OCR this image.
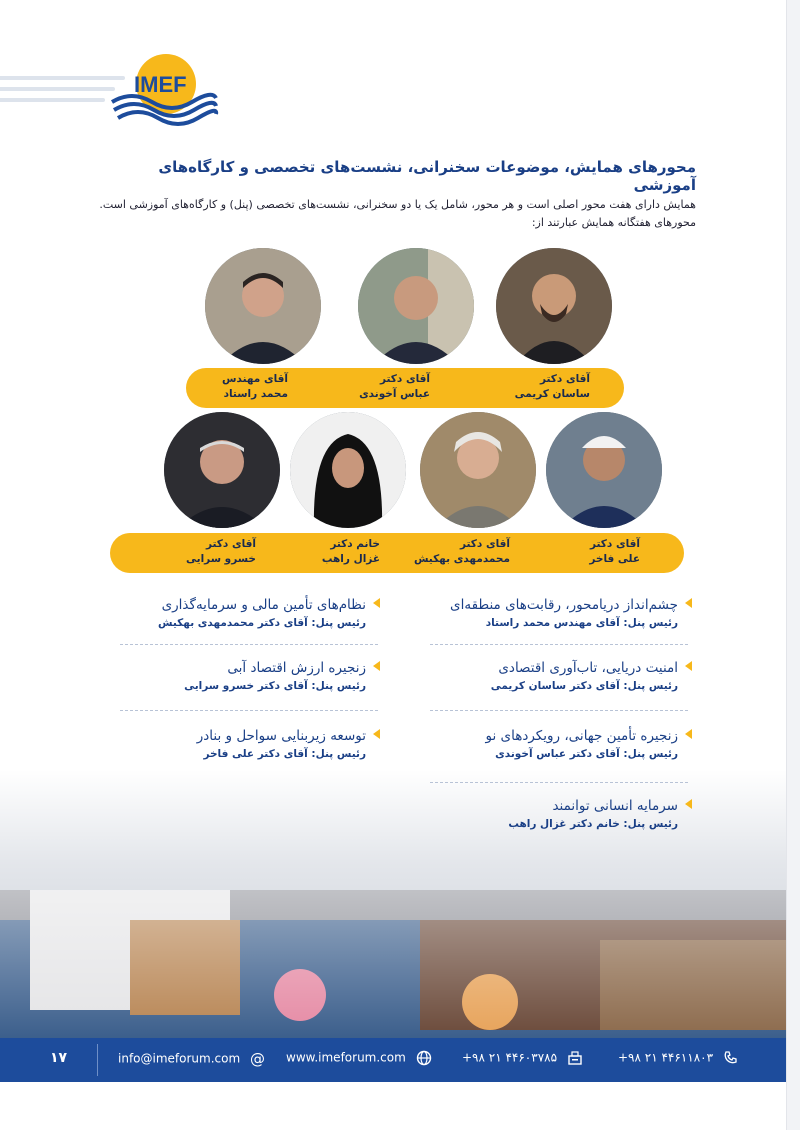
IMEF
محورهای همایش، موضوعات سخنرانی، نشست‌های تخصصی و کارگاه‌های آموزشی
همایش دارای هفت محور اصلی است و هر محور، شامل یک یا دو سخنرانی، نشست‌های تخصصی (پنل) و کارگاه‌های آموزشی است. محورهای هفتگانه همایش عبارتند از:
آقای دکتر
ساسان کریمی
آقای دکتر
عباس آخوندی
آقای مهندس
محمد راستاد
آقای دکتر
علی فاخر
آقای دکتر
محمدمهدی بهکیش
خانم دکتر
غزال راهب
آقای دکتر
خسرو سرایی
چشم‌انداز دریامحور، رقابت‌های منطقه‌ای
رئیس پنل: آقای مهندس محمد راستاد
امنیت دریایی، تاب‌آوری اقتصادی
رئیس پنل: آقای دکتر ساسان کریمی
زنجیره تأمین جهانی، رویکردهای نو
رئیس پنل: آقای دکتر عباس آخوندی
سرمایه انسانی توانمند
رئیس پنل: خانم دکتر غزال راهب
نظام‌های تأمین مالی و سرمایه‌گذاری
رئیس پنل: آقای دکتر محمدمهدی بهکیش
زنجیره ارزش اقتصاد آبی
رئیس پنل: آقای دکتر خسرو سرایی
توسعه زیربنایی سواحل و بنادر
رئیس پنل: آقای دکتر علی فاخر
۱۷	info@imeforum.com @ www.imeforum.com	+۹۸ ۲۱ ۴۴۶۰۳۷۸۵	+۹۸ ۲۱ ۴۴۶۱۱۸۰۳
